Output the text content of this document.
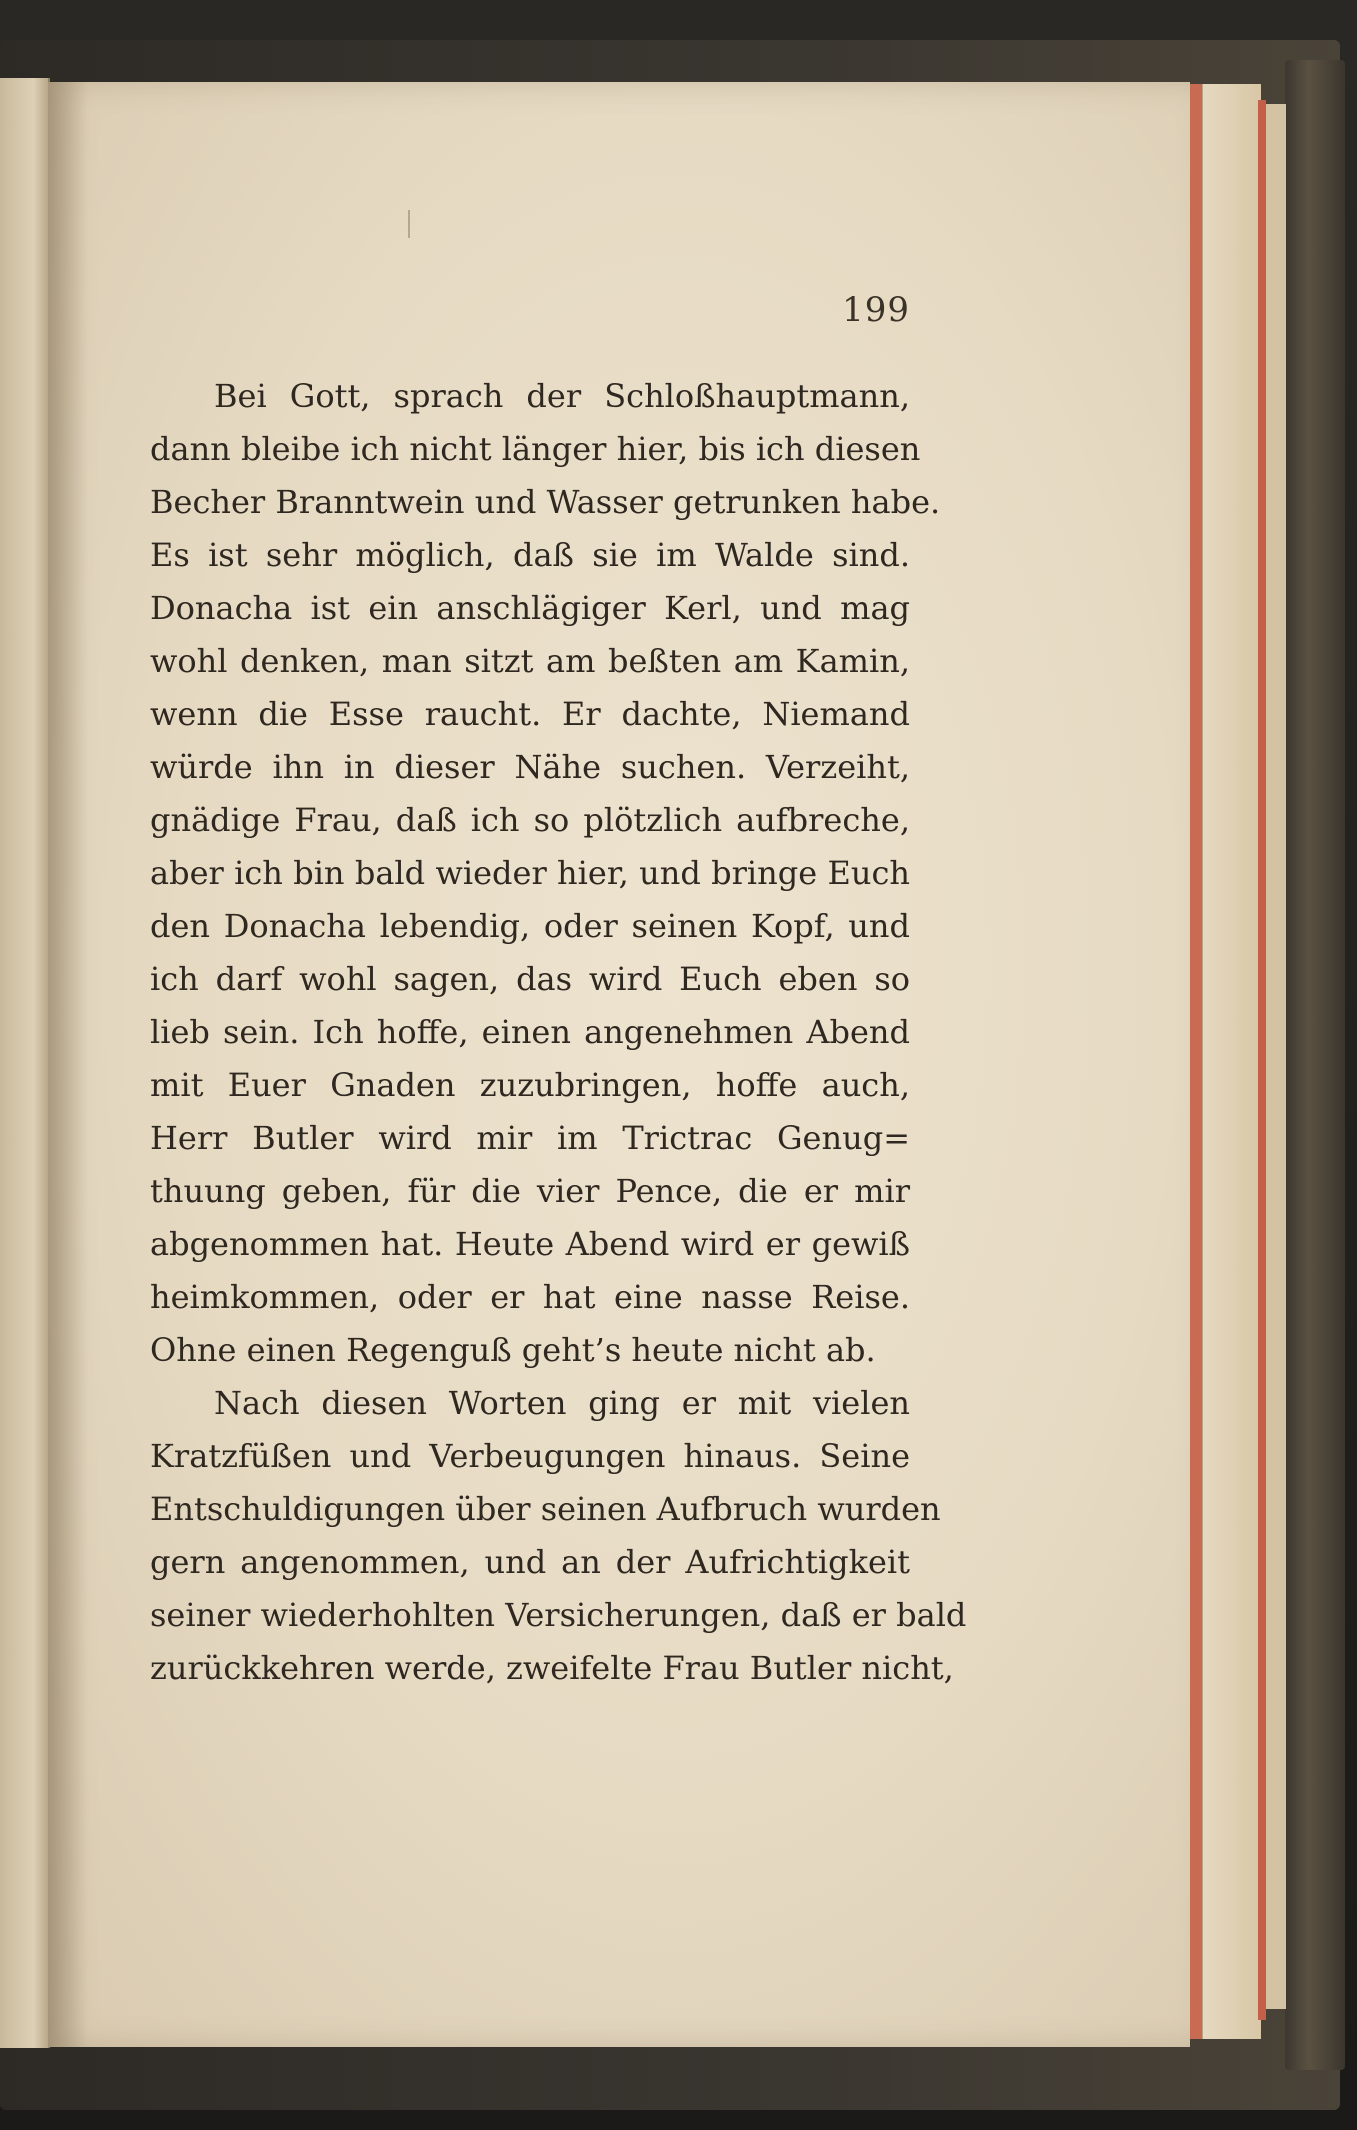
199
Bei Gott, sprach der Schloßhauptmann,
dann bleibe ich nicht länger hier, bis ich diesen
Becher Branntwein und Wasser getrunken habe.
Es ist sehr möglich, daß sie im Walde sind.
Donacha ist ein anschlägiger Kerl, und mag
wohl denken, man sitzt am beßten am Kamin,
wenn die Esse raucht. Er dachte, Niemand
würde ihn in dieser Nähe suchen. Verzeiht,
gnädige Frau, daß ich so plötzlich aufbreche,
aber ich bin bald wieder hier, und bringe Euch
den Donacha lebendig, oder seinen Kopf, und
ich darf wohl sagen, das wird Euch eben so
lieb sein. Ich hoffe, einen angenehmen Abend
mit Euer Gnaden zuzubringen, hoffe auch,
Herr Butler wird mir im Trictrac Genug=
thuung geben, für die vier Pence, die er mir
abgenommen hat. Heute Abend wird er gewiß
heimkommen, oder er hat eine nasse Reise.
Ohne einen Regenguß geht’s heute nicht ab.
Nach diesen Worten ging er mit vielen
Kratzfüßen und Verbeugungen hinaus. Seine
Entschuldigungen über seinen Aufbruch wurden
gern angenommen, und an der Aufrichtigkeit
seiner wiederhohlten Versicherungen, daß er bald
zurückkehren werde, zweifelte Frau Butler nicht,
